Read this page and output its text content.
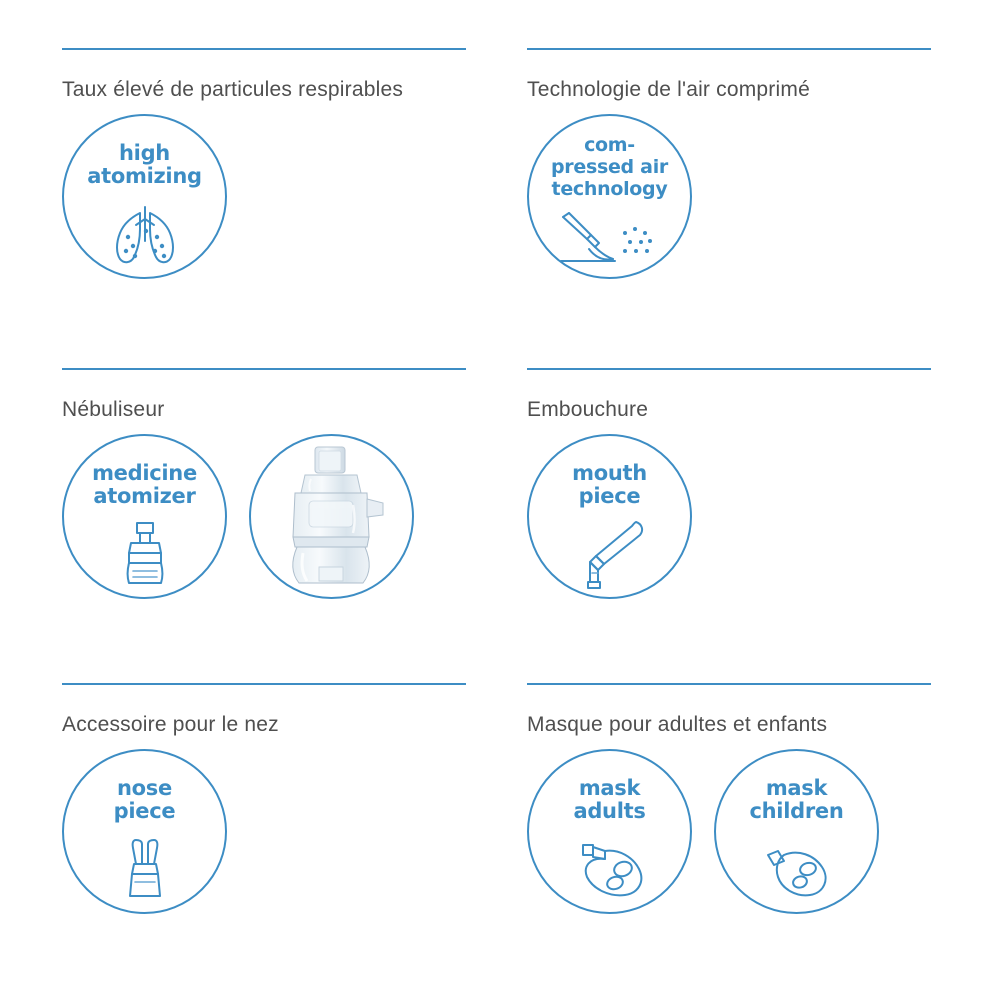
Taux élevé de particules respirables
high
atomizing
Technologie de l'air comprimé
com-
pressed air
technology
Nébuliseur
medicine
atomizer
Embouchure
mouth
piece
Accessoire pour le nez
nose
piece
Masque pour adultes et enfants
mask
adults
mask
children
